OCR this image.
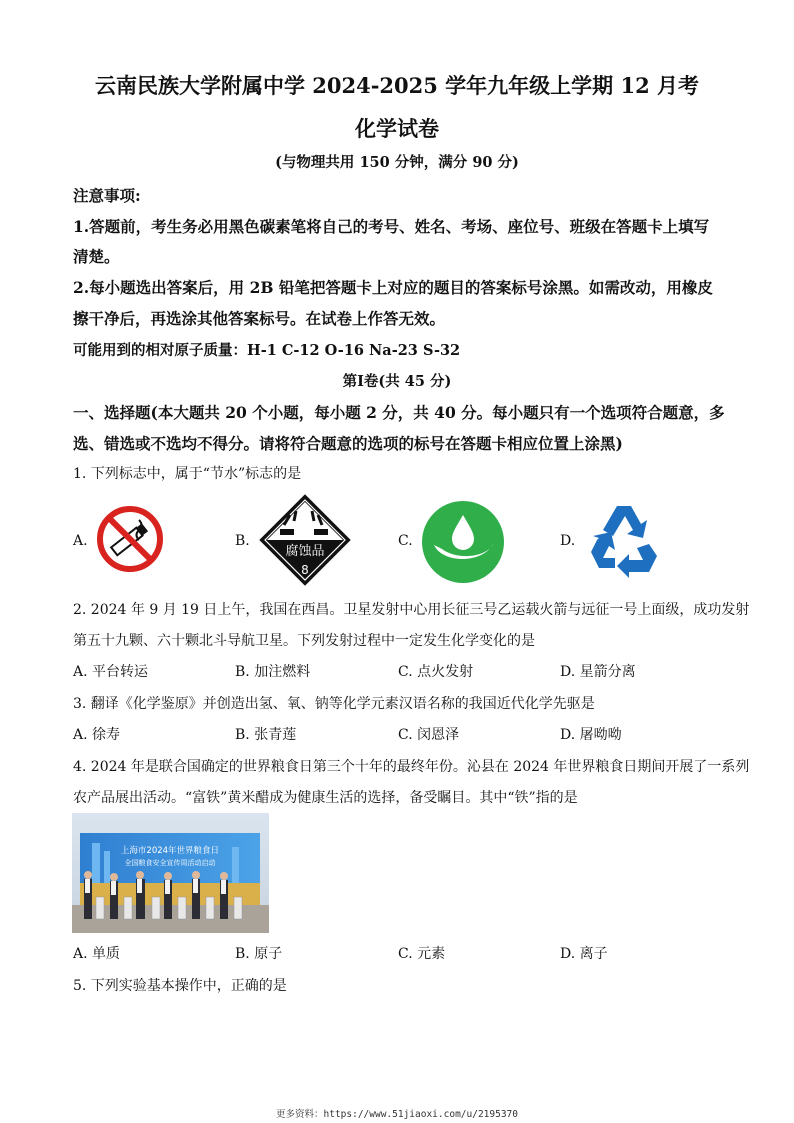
云南民族大学附属中学 2024-2025 学年九年级上学期 12 月考
化学试卷
(与物理共用 150 分钟，满分 90 分)
注意事项:
1.答题前，考生务必用黑色碳素笔将自己的考号、姓名、考场、座位号、班级在答题卡上填写
清楚。
2.每小题选出答案后，用 2B 铅笔把答题卡上对应的题目的答案标号涂黑。如需改动，用橡皮
擦干净后，再选涂其他答案标号。在试卷上作答无效。
可能用到的相对原子质量：H-1 C-12 O-16 Na-23 S-32
第Ⅰ卷(共 45 分)
一、选择题(本大题共 20 个小题，每小题 2 分，共 40 分。每小题只有一个选项符合题意，多
选、错选或不选均不得分。请将符合题意的选项的标号在答题卡相应位置上涂黑)
1. 下列标志中，属于“节水”标志的是
A.	B.
腐蚀品
8
C.	D.
2. 2024 年 9 月 19 日上午，我国在西昌。卫星发射中心用长征三号乙运载火箭与远征一号上面级，成功发射
第五十九颗、六十颗北斗导航卫星。下列发射过程中一定发生化学变化的是
A. 平台转运	B. 加注燃料	C. 点火发射	D. 星箭分离
3. 翻译《化学鉴原》并创造出氢、氧、钠等化学元素汉语名称的我国近代化学先驱是
A. 徐寿	B. 张青莲	C. 闵恩泽	D. 屠呦呦
4. 2024 年是联合国确定的世界粮食日第三个十年的最终年份。沁县在 2024 年世界粮食日期间开展了一系列
农产品展出活动。“富铁”黄米醋成为健康生活的选择，备受瞩目。其中“铁”指的是
上海市2024年世界粮食日
全国粮食安全宣传周活动启动
A. 单质	B. 原子	C. 元素	D. 离子
5. 下列实验基本操作中，正确的是
更多资料：https://www.51jiaoxi.com/u/2195370
